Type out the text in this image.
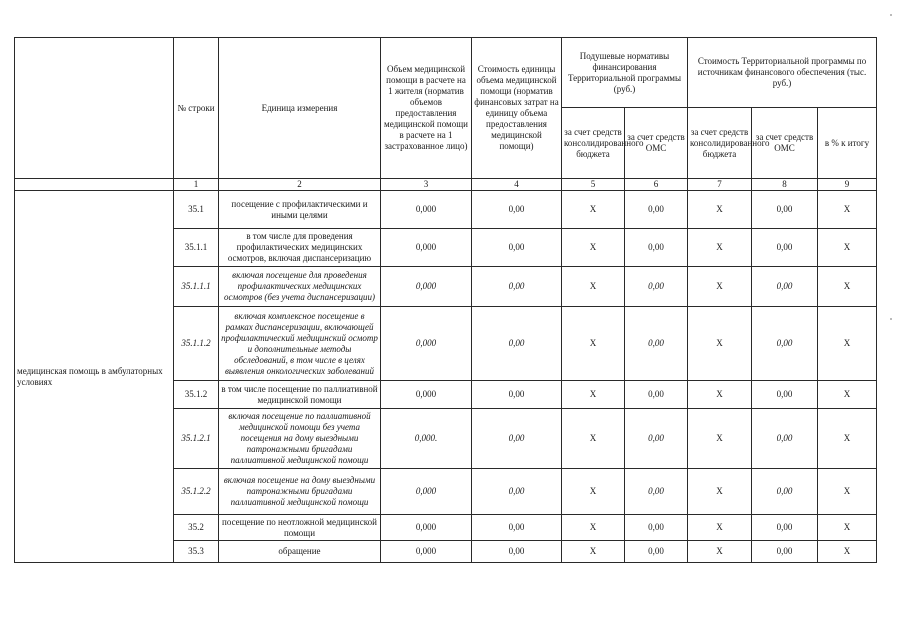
	№ строки	Единица измерения	Объем медицинской помощи в расчете на 1 жителя (норматив объемов предоставления медицинской помощи в расчете на 1 застрахованное лицо)	Стоимость единицы объема медицинской помощи (норматив финансовых затрат на единицу объема предоставления медицинской помощи)	Подушевые нормативы финансирования Территориальной программы (руб.)		Стоимость Территориальной программы по источникам финансового обеспечения (тыс. руб.)		
					за счет средств консолидированного бюджета	за счет средств ОМС	за счет средств консолидированного бюджета	за счет средств ОМС	в % к итогу
	1	2	3	4	5	6	7	8	9
медицинская помощь в амбулаторных условиях	35.1	посещение с профилактическими и иными целями	0,000	0,00	Х	0,00	Х	0,00	Х
	35.1.1	в том числе для проведения профилактических медицинских осмотров, включая диспансеризацию	0,000	0,00	Х	0,00	Х	0,00	Х
	35.1.1.1	включая посещение для проведения профилактических медицинских осмотров (без учета диспансеризации)	0,000	0,00	Х	0,00	Х	0,00	Х
	35.1.1.2	включая комплексное посещение в рамках диспансеризации, включающей профилактический медицинский осмотр и дополнительные методы обследований, в том числе в целях выявления онкологических заболеваний	0,000	0,00	Х	0,00	Х	0,00	Х
	35.1.2	в том числе посещение по паллиативной медицинской помощи	0,000	0,00	Х	0,00	Х	0,00	Х
	35.1.2.1	включая посещение по паллиативной медицинской помощи без учета посещения на дому выездными патронажными бригадами паллиативной медицинской помощи	0,000.	0,00	Х	0,00	Х	0,00	Х
	35.1.2.2	включая посещение на дому выездными патронажными бригадами паллиативной медицинской помощи	0,000	0,00	Х	0,00	Х	0,00	Х
	35.2	посещение по неотложной медицинской помощи	0,000	0,00	Х	0,00	Х	0,00	Х
	35.3	обращение	0,000	0,00	Х	0,00	Х	0,00	Х
